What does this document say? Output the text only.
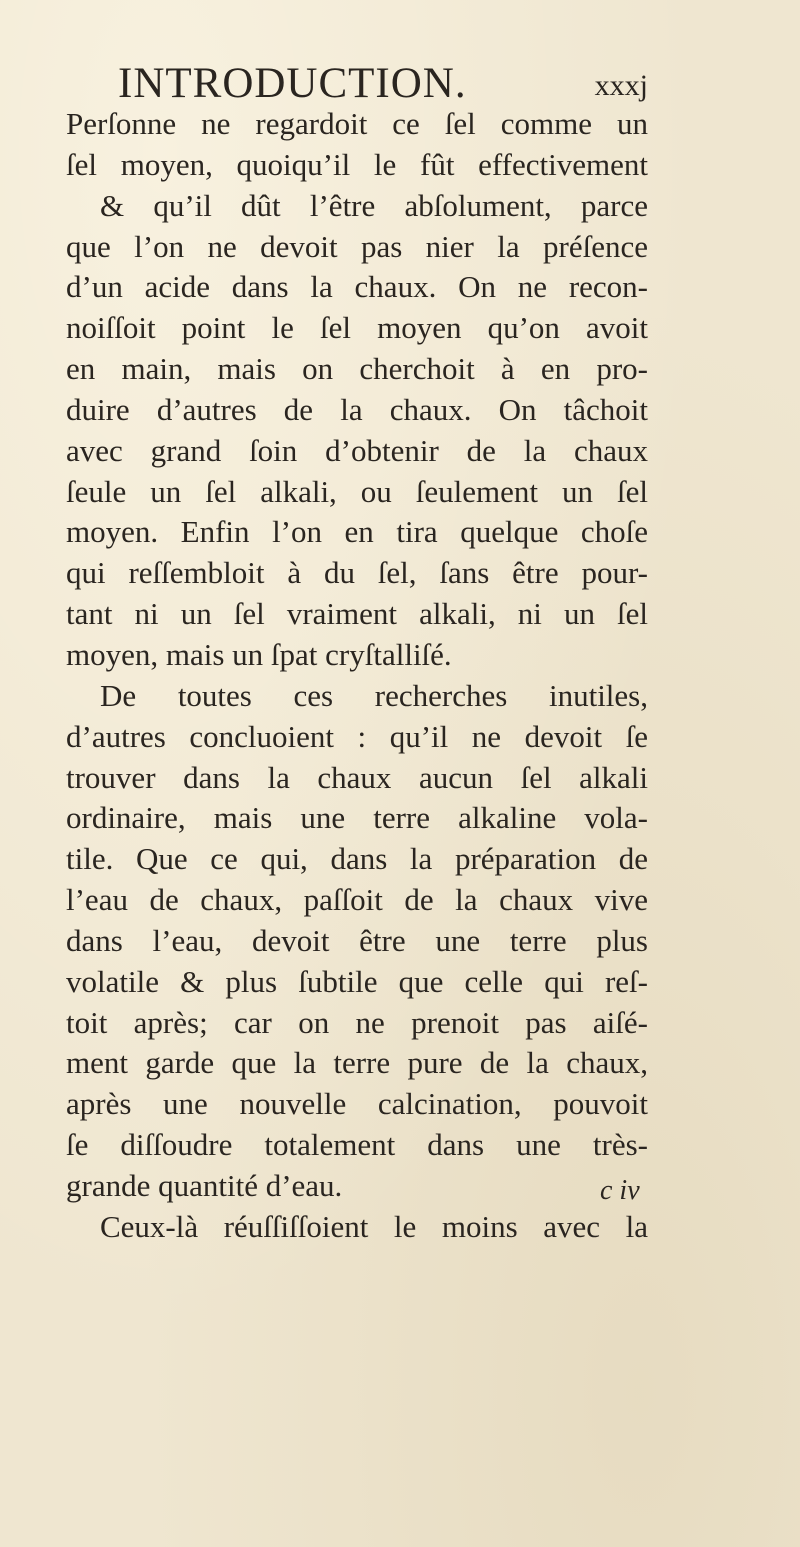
INTRODUCTION.	xxxj
Perſonne ne regardoit ce ſel comme un
ſel moyen, quoiqu’il le fût effectivement
& qu’il dût l’être abſolument, parce
que l’on ne devoit pas nier la préſence
d’un acide dans la chaux. On ne recon-
noiſſoit point le ſel moyen qu’on avoit
en main, mais on cherchoit à en pro-
duire d’autres de la chaux. On tâchoit
avec grand ſoin d’obtenir de la chaux
ſeule un ſel alkali, ou ſeulement un ſel
moyen. Enfin l’on en tira quelque choſe
qui reſſembloit à du ſel, ſans être pour-
tant ni un ſel vraiment alkali, ni un ſel
moyen, mais un ſpat cryſtalliſé.
De toutes ces recherches inutiles,
d’autres concluoient : qu’il ne devoit ſe
trouver dans la chaux aucun ſel alkali
ordinaire, mais une terre alkaline vola-
tile. Que ce qui, dans la préparation de
l’eau de chaux, paſſoit de la chaux vive
dans l’eau, devoit être une terre plus
volatile & plus ſubtile que celle qui reſ-
toit après; car on ne prenoit pas aiſé-
ment garde que la terre pure de la chaux,
après une nouvelle calcination, pouvoit
ſe diſſoudre totalement dans une très-
grande quantité d’eau.
Ceux-là réuſſiſſoient le moins avec la
c iv
